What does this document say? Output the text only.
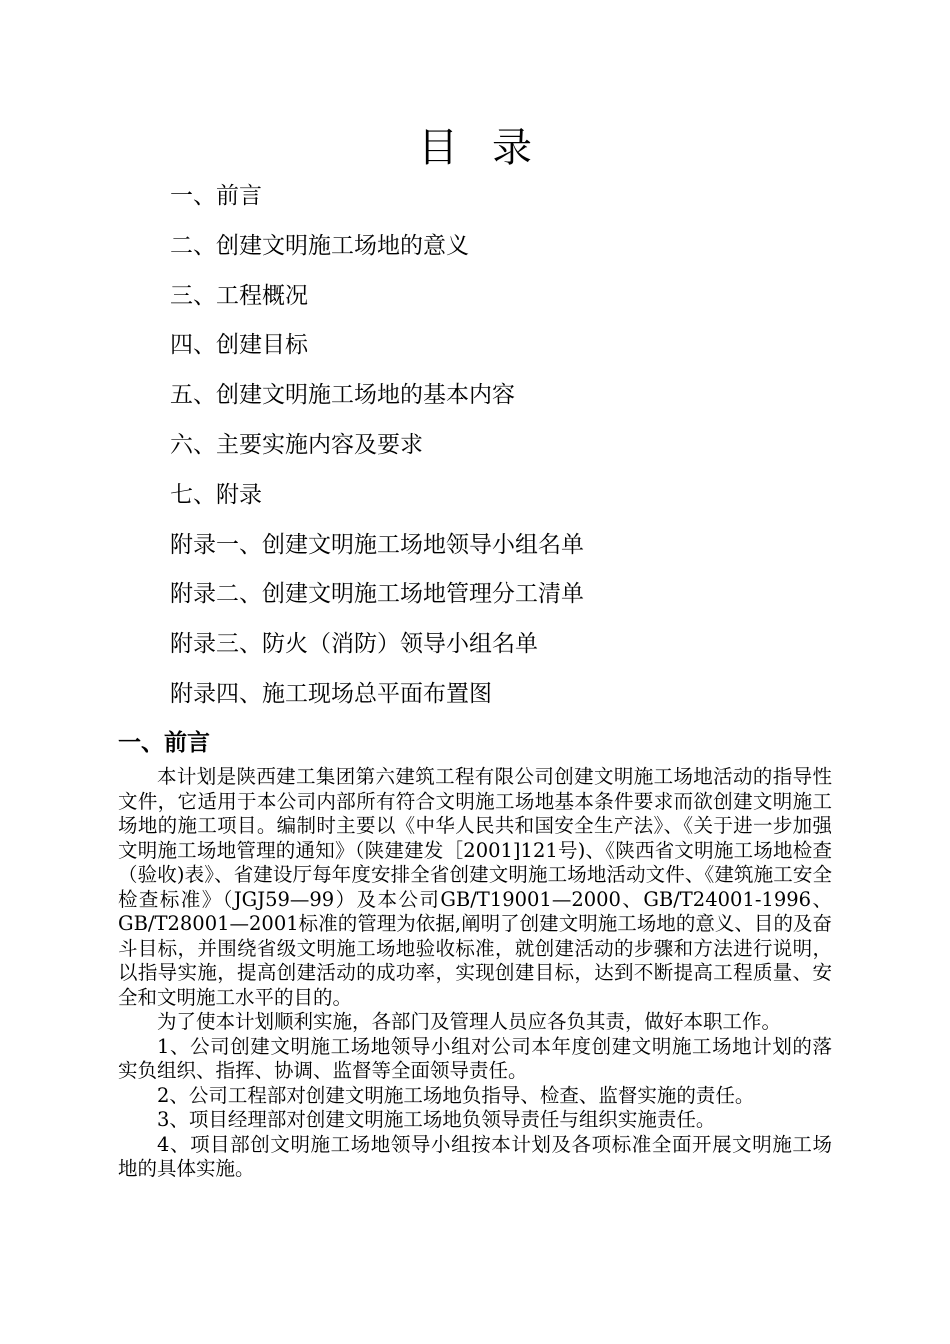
目录
一、前言
二、创建文明施工场地的意义
三、工程概况
四、创建目标
五、创建文明施工场地的基本内容
六、主要实施内容及要求
七、附录
附录一、创建文明施工场地领导小组名单
附录二、创建文明施工场地管理分工清单
附录三、防火（消防）领导小组名单
附录四、施工现场总平面布置图
一、前言

本计划是陕西建工集团第六建筑工程有限公司创建文明施工场地活动的指导性文件，它适用于本公司内部所有符合文明施工场地基本条件要求而欲创建文明施工场地的施工项目。编制时主要以《中华人民共和国安全生产法》、《关于进一步加强文明施工场地管理的通知》（陕建建发［2001]121号)、《陕西省文明施工场地检查（验收)表》、省建设厅每年度安排全省创建文明施工场地活动文件、《建筑施工安全检查标准》（JGJ59—99）及本公司GB/T19001—2000、GB/T24001-1996、GB/T28001—2001标准的管理为依据,阐明了创建文明施工场地的意义、目的及奋斗目标，并围绕省级文明施工场地验收标准，就创建活动的步骤和方法进行说明，以指导实施，提高创建活动的成功率，实现创建目标，达到不断提高工程质量、安全和文明施工水平的目的。

为了使本计划顺利实施，各部门及管理人员应各负其责，做好本职工作。

1、公司创建文明施工场地领导小组对公司本年度创建文明施工场地计划的落实负组织、指挥、协调、监督等全面领导责任。

2、公司工程部对创建文明施工场地负指导、检查、监督实施的责任。

3、项目经理部对创建文明施工场地负领导责任与组织实施责任。

4、项目部创文明施工场地领导小组按本计划及各项标准全面开展文明施工场地的具体实施。
